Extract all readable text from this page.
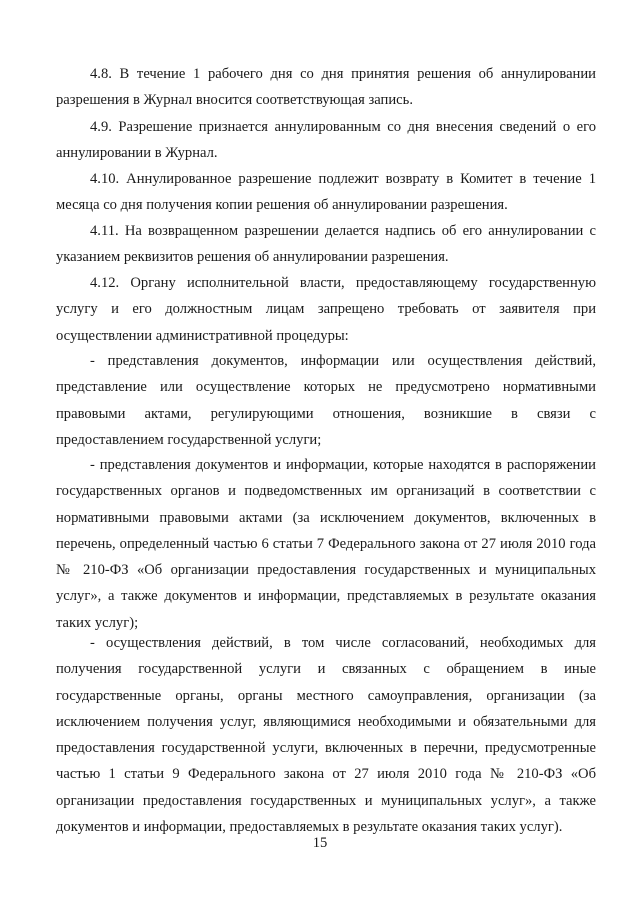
4.8. В течение 1 рабочего дня со дня принятия решения об аннулировании разрешения в Журнал вносится соответствующая запись.

4.9. Разрешение признается аннулированным со дня внесения сведений о его аннулировании в Журнал.

4.10. Аннулированное разрешение подлежит возврату в Комитет в течение 1 месяца со дня получения копии решения об аннулировании разрешения.

4.11. На возвращенном разрешении делается надпись об его аннулировании с указанием реквизитов решения об аннулировании разрешения.

4.12. Органу исполнительной власти, предоставляющему государственную услугу и его должностным лицам запрещено требовать от заявителя при осуществлении административной процедуры:

- представления документов, информации или осуществления действий, представление или осуществление которых не предусмотрено нормативными правовыми актами, регулирующими отношения, возникшие в связи с предоставлением государственной услуги;

- представления документов и информации, которые находятся в распоряжении государственных органов и подведомственных им организаций в соответствии с нормативными правовыми актами (за исключением документов, включенных в перечень, определенный частью 6 статьи 7 Федерального закона от 27 июля 2010 года № 210-ФЗ «Об организации предоставления государственных и муниципальных услуг», а также документов и информации, представляемых в результате оказания таких услуг);

- осуществления действий, в том числе согласований, необходимых для получения государственной услуги и связанных с обращением в иные государственные органы, органы местного самоуправления, организации (за исключением получения услуг, являющимися необходимыми и обязательными для предоставления государственной услуги, включенных в перечни, предусмотренные частью 1 статьи 9 Федерального закона от 27 июля 2010 года № 210-ФЗ «Об организации предоставления государственных и муниципальных услуг», а также документов и информации, предоставляемых в результате оказания таких услуг).

15
